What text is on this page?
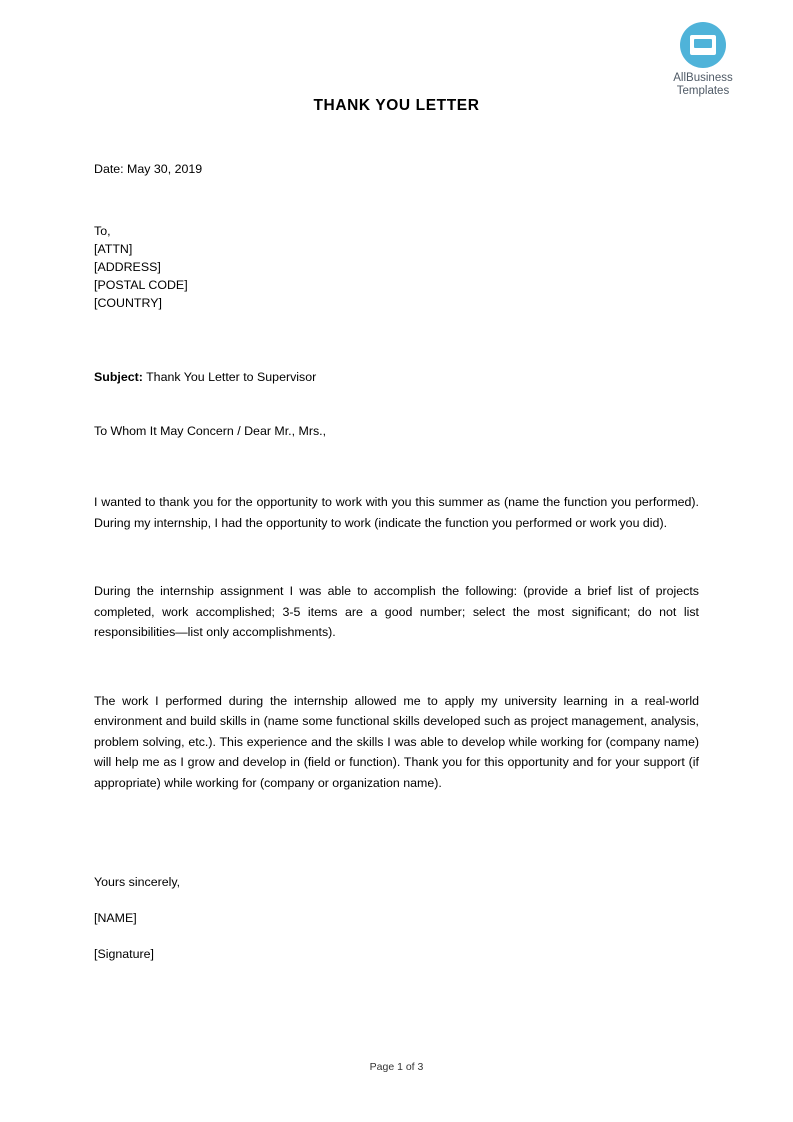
AllBusiness
Templates
THANK YOU LETTER

Date: May 30, 2019

To,
[ATTN]
[ADDRESS]
[POSTAL CODE]
[COUNTRY]

Subject: Thank You Letter to Supervisor

To Whom It May Concern / Dear Mr., Mrs.,

I wanted to thank you for the opportunity to work with you this summer as (name the function you performed). During my internship, I had the opportunity to work (indicate the function you performed or work you did).

During the internship assignment I was able to accomplish the following: (provide a brief list of projects completed, work accomplished; 3-5 items are a good number; select the most significant; do not list responsibilities—list only accomplishments).

The work I performed during the internship allowed me to apply my university learning in a real-world environment and build skills in (name some functional skills developed such as project management, analysis, problem solving, etc.). This experience and the skills I was able to develop while working for (company name) will help me as I grow and develop in (field or function). Thank you for this opportunity and for your support (if appropriate) while working for (company or organization name).

Yours sincerely,

[NAME]

[Signature]

Page 1 of 3
